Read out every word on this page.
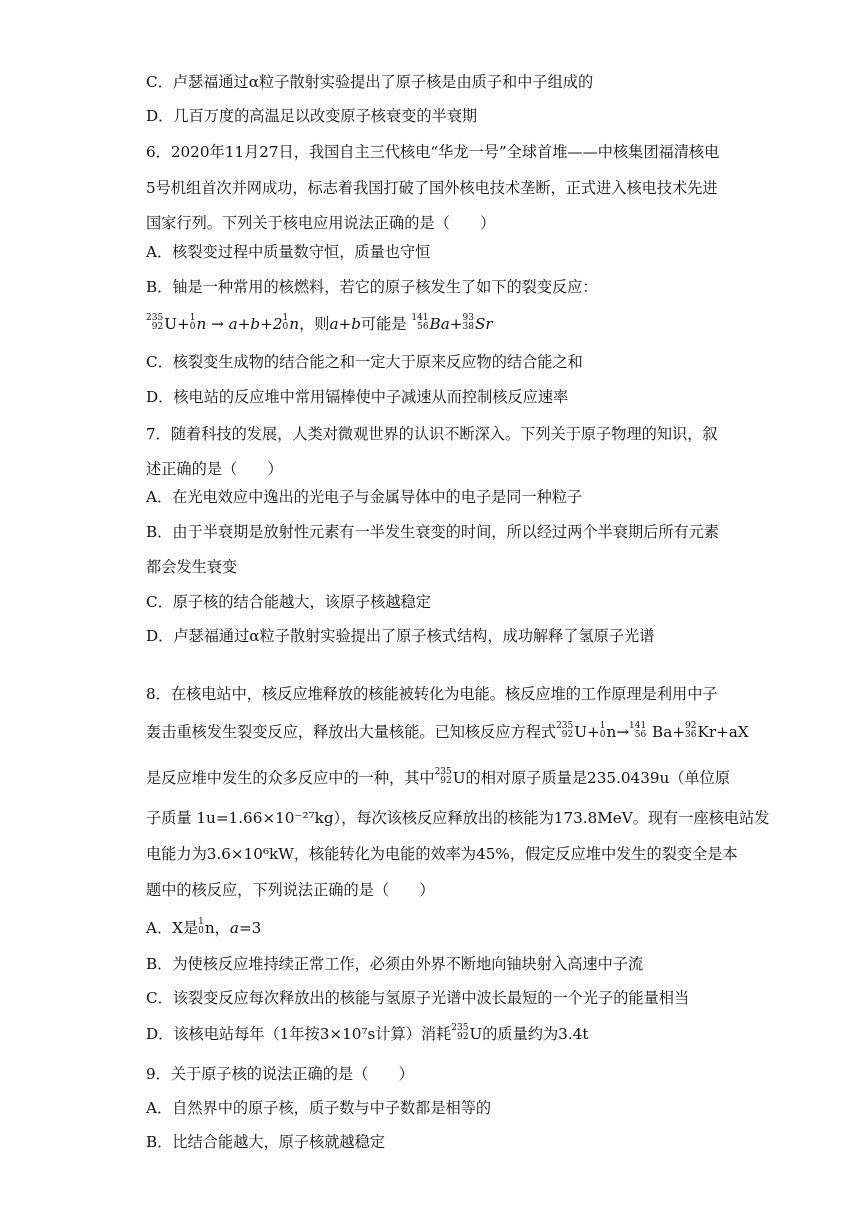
C．卢瑟福通过α粒子散射实验提出了原子核是由质子和中子组成的
D．几百万度的高温足以改变原子核衰变的半衰期
6．2020年11月27日，我国自主三代核电“华龙一号”全球首堆——中核集团福清核电
5号机组首次并网成功，标志着我国打破了国外核电技术垄断，正式进入核电技术先进
国家行列。下列关于核电应用说法正确的是（　　）
A．核裂变过程中质量数守恒，质量也守恒
B．铀是一种常用的核燃料，若它的原子核发生了如下的裂变反应：
235
92 U+ 1
0 n → a+b+2 1
0 n，则a+b可能是 141
56 Ba+ 93
38 Sr
C．核裂变生成物的结合能之和一定大于原来反应物的结合能之和
D．核电站的反应堆中常用镉棒使中子减速从而控制核反应速率
7．随着科技的发展，人类对微观世界的认识不断深入。下列关于原子物理的知识，叙
述正确的是（　　）
A．在光电效应中逸出的光电子与金属导体中的电子是同一种粒子
B．由于半衰期是放射性元素有一半发生衰变的时间，所以经过两个半衰期后所有元素
都会发生衰变
C．原子核的结合能越大，该原子核越稳定
D．卢瑟福通过α粒子散射实验提出了原子核式结构，成功解释了氢原子光谱
8．在核电站中，核反应堆释放的核能被转化为电能。核反应堆的工作原理是利用中子
轰击重核发生裂变反应，释放出大量核能。已知核反应方程式 235
92 U+ 1
0 n→ 141
56 Ba+ 92
36 Kr+aX
是反应堆中发生的众多反应中的一种，其中 235
92 U的相对原子质量是235.0439u（单位原
子质量 1u=1.66×10⁻²⁷kg），每次该核反应释放出的核能为173.8MeV。现有一座核电站发
电能力为3.6×10⁶kW，核能转化为电能的效率为45%，假定反应堆中发生的裂变全是本
题中的核反应，下列说法正确的是（　　）
A．X是 1
0 n，a=3
B．为使核反应堆持续正常工作，必须由外界不断地向铀块射入高速中子流
C．该裂变反应每次释放出的核能与氢原子光谱中波长最短的一个光子的能量相当
D．该核电站每年（1年按3×10⁷s计算）消耗 235
92 U的质量约为3.4t
9．关于原子核的说法正确的是（　　）
A．自然界中的原子核，质子数与中子数都是相等的
B．比结合能越大，原子核就越稳定
